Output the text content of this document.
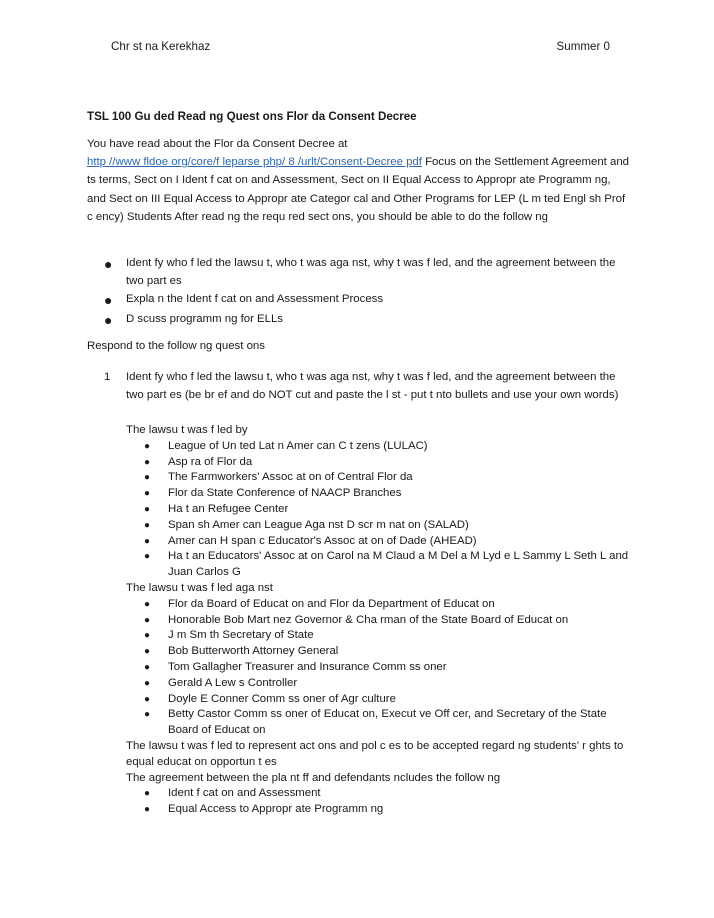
Chr st na Kerekhaz	Summer 0
TSL 100 Gu ded Read ng Quest ons Flor da Consent Decree
You have read about the Flor da Consent Decree at
http //www fldoe org/core/f leparse php/ 8 /urlt/Consent-Decree pdf Focus on the Settlement Agreement and ts terms, Sect on I Ident f cat on and Assessment, Sect on II Equal Access to Appropr ate Programm ng, and Sect on III Equal Access to Appropr ate Categor cal and Other Programs for LEP (L m ted Engl sh Prof c ency) Students After read ng the requ red sect ons, you should be able to do the follow ng
●	Ident fy who f led the lawsu t, who t was aga nst, why t was f led, and the agreement between the two part es
●	Expla n the Ident f cat on and Assessment Process
●	D scuss programm ng for ELLs
Respond to the follow ng quest ons
1	Ident fy who f led the lawsu t, who t was aga nst, why t was f led, and the agreement between the two part es (be br ef and do NOT cut and paste the l st - put t nto bullets and use your own words)
The lawsu t was f led by
●	League of Un ted Lat n Amer can C t zens (LULAC)
●	Asp ra of Flor da
●	The Farmworkers' Assoc at on of Central Flor da
●	Flor da State Conference of NAACP Branches
●	Ha t an Refugee Center
●	Span sh Amer can League Aga nst D scr m nat on (SALAD)
●	Amer can H span c Educator's Assoc at on of Dade (AHEAD)
●	Ha t an Educators' Assoc at on Carol na M Claud a M Del a M Lyd e L Sammy L Seth L and Juan Carlos G
The lawsu t was f led aga nst
●	Flor da Board of Educat on and Flor da Department of Educat on
●	Honorable Bob Mart nez Governor & Cha rman of the State Board of Educat on
●	J m Sm th Secretary of State
●	Bob Butterworth Attorney General
●	Tom Gallagher Treasurer and Insurance Comm ss oner
●	Gerald A Lew s Controller
●	Doyle E Conner Comm ss oner of Agr culture
●	Betty Castor Comm ss oner of Educat on, Execut ve Off cer, and Secretary of the State Board of Educat on
The lawsu t was f led to represent act ons and pol c es to be accepted regard ng students' r ghts to equal educat on opportun t es
The agreement between the pla nt ff and defendants ncludes the follow ng
●	Ident f cat on and Assessment
●	Equal Access to Appropr ate Programm ng
